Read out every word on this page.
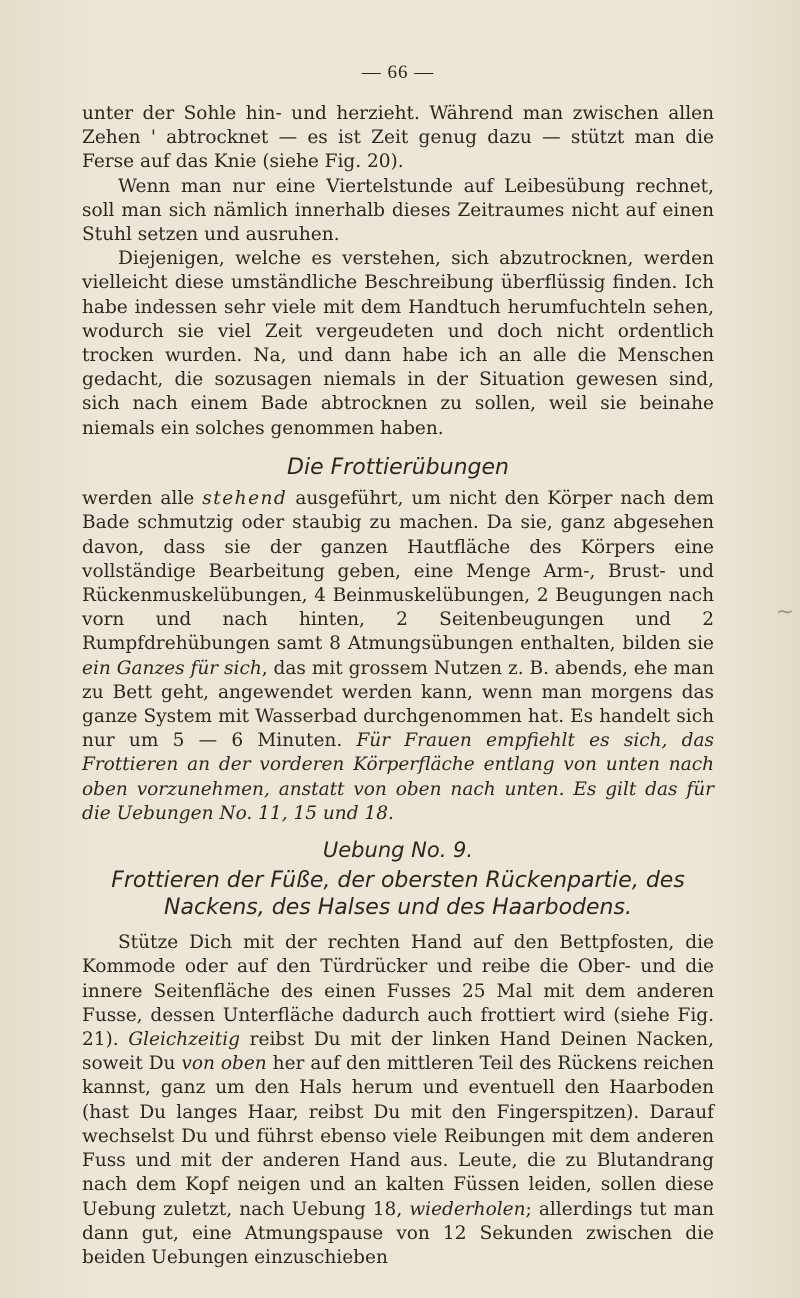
— 66 —

unter der Sohle hin- und herzieht. Während man zwischen allen Zehen ' abtrocknet — es ist Zeit genug dazu — stützt man die Ferse auf das Knie (siehe Fig. 20).

Wenn man nur eine Viertelstunde auf Leibesübung rechnet, soll man sich nämlich innerhalb dieses Zeitraumes nicht auf einen Stuhl setzen und ausruhen.

Diejenigen, welche es verstehen, sich abzutrocknen, werden vielleicht diese umständliche Beschreibung überflüssig finden. Ich habe indessen sehr viele mit dem Handtuch herumfuchteln sehen, wodurch sie viel Zeit vergeudeten und doch nicht ordentlich trocken wurden. Na, und dann habe ich an alle die Menschen gedacht, die sozusagen niemals in der Situation gewesen sind, sich nach einem Bade abtrocknen zu sollen, weil sie beinahe niemals ein solches genommen haben.

Die Frottierübungen

werden alle stehend ausgeführt, um nicht den Körper nach dem Bade schmutzig oder staubig zu machen. Da sie, ganz abgesehen davon, dass sie der ganzen Hautfläche des Körpers eine vollständige Bearbeitung geben, eine Menge Arm-, Brust- und Rückenmuskelübungen, 4 Beinmuskelübungen, 2 Beugungen nach vorn und nach hinten, 2 Seitenbeugungen und 2 Rumpfdrehübungen samt 8 Atmungsübungen enthalten, bilden sie ein Ganzes für sich, das mit grossem Nutzen z. B. abends, ehe man zu Bett geht, angewendet werden kann, wenn man morgens das ganze System mit Wasserbad durchgenommen hat. Es handelt sich nur um 5 — 6 Minuten. Für Frauen empfiehlt es sich, das Frottieren an der vorderen Körperfläche entlang von unten nach oben vorzunehmen, anstatt von oben nach unten. Es gilt das für die Uebungen No. 11, 15 und 18.

Uebung No. 9.
Frottieren der Füße, der obersten Rückenpartie, des Nackens, des Halses und des Haarbodens.

Stütze Dich mit der rechten Hand auf den Bettpfosten, die Kommode oder auf den Türdrücker und reibe die Ober- und die innere Seitenfläche des einen Fusses 25 Mal mit dem anderen Fusse, dessen Unterfläche dadurch auch frottiert wird (siehe Fig. 21). Gleichzeitig reibst Du mit der linken Hand Deinen Nacken, soweit Du von oben her auf den mittleren Teil des Rückens reichen kannst, ganz um den Hals herum und eventuell den Haarboden (hast Du langes Haar, reibst Du mit den Fingerspitzen). Darauf wechselst Du und führst ebenso viele Reibungen mit dem anderen Fuss und mit der anderen Hand aus. Leute, die zu Blutandrang nach dem Kopf neigen und an kalten Füssen leiden, sollen diese Uebung zuletzt, nach Uebung 18, wiederholen; allerdings tut man dann gut, eine Atmungspause von 12 Sekunden zwischen die beiden Uebungen einzuschieben

~
